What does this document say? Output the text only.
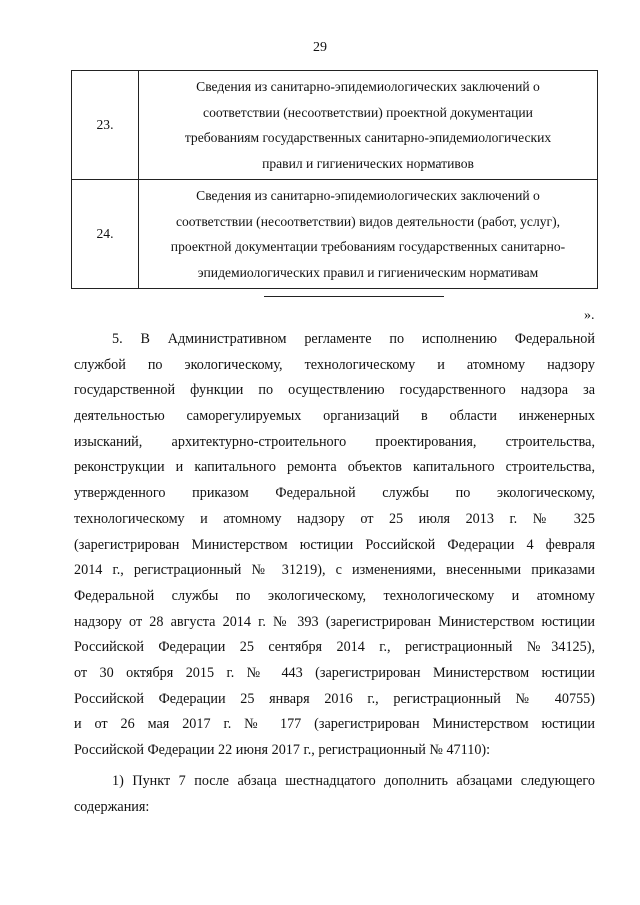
29
23.	Сведения из санитарно-эпидемиологических заключений о
соответствии (несоответствии) проектной документации
требованиям государственных санитарно-эпидемиологических
правил и гигиенических нормативов

24.	Сведения из санитарно-эпидемиологических заключений о
соответствии (несоответствии) видов деятельности (работ, услуг),
проектной документации требованиям государственных санитарно-
эпидемиологических правил и гигиеническим нормативам
».
5. В Административном регламенте по исполнению Федеральной
службой по экологическому, технологическому и атомному надзору
государственной функции по осуществлению государственного надзора за
деятельностью саморегулируемых организаций в области инженерных
изысканий, архитектурно-строительного проектирования, строительства,
реконструкции и капитального ремонта объектов капитального строительства,
утвержденного приказом Федеральной службы по экологическому,
технологическому и атомному надзору от 25 июля 2013 г. № 325
(зарегистрирован Министерством юстиции Российской Федерации 4 февраля
2014 г., регистрационный № 31219), с изменениями, внесенными приказами
Федеральной службы по экологическому, технологическому и атомному
надзору от 28 августа 2014 г. № 393 (зарегистрирован Министерством юстиции
Российской Федерации 25 сентября 2014 г., регистрационный №34125),
от 30 октября 2015 г. № 443 (зарегистрирован Министерством юстиции
Российской Федерации 25 января 2016 г., регистрационный № 40755)
и от 26 мая 2017 г. № 177 (зарегистрирован Министерством юстиции
Российской Федерации 22 июня 2017 г., регистрационный № 47110):
1) Пункт 7 после абзаца шестнадцатого дополнить абзацами следующего
содержания:
